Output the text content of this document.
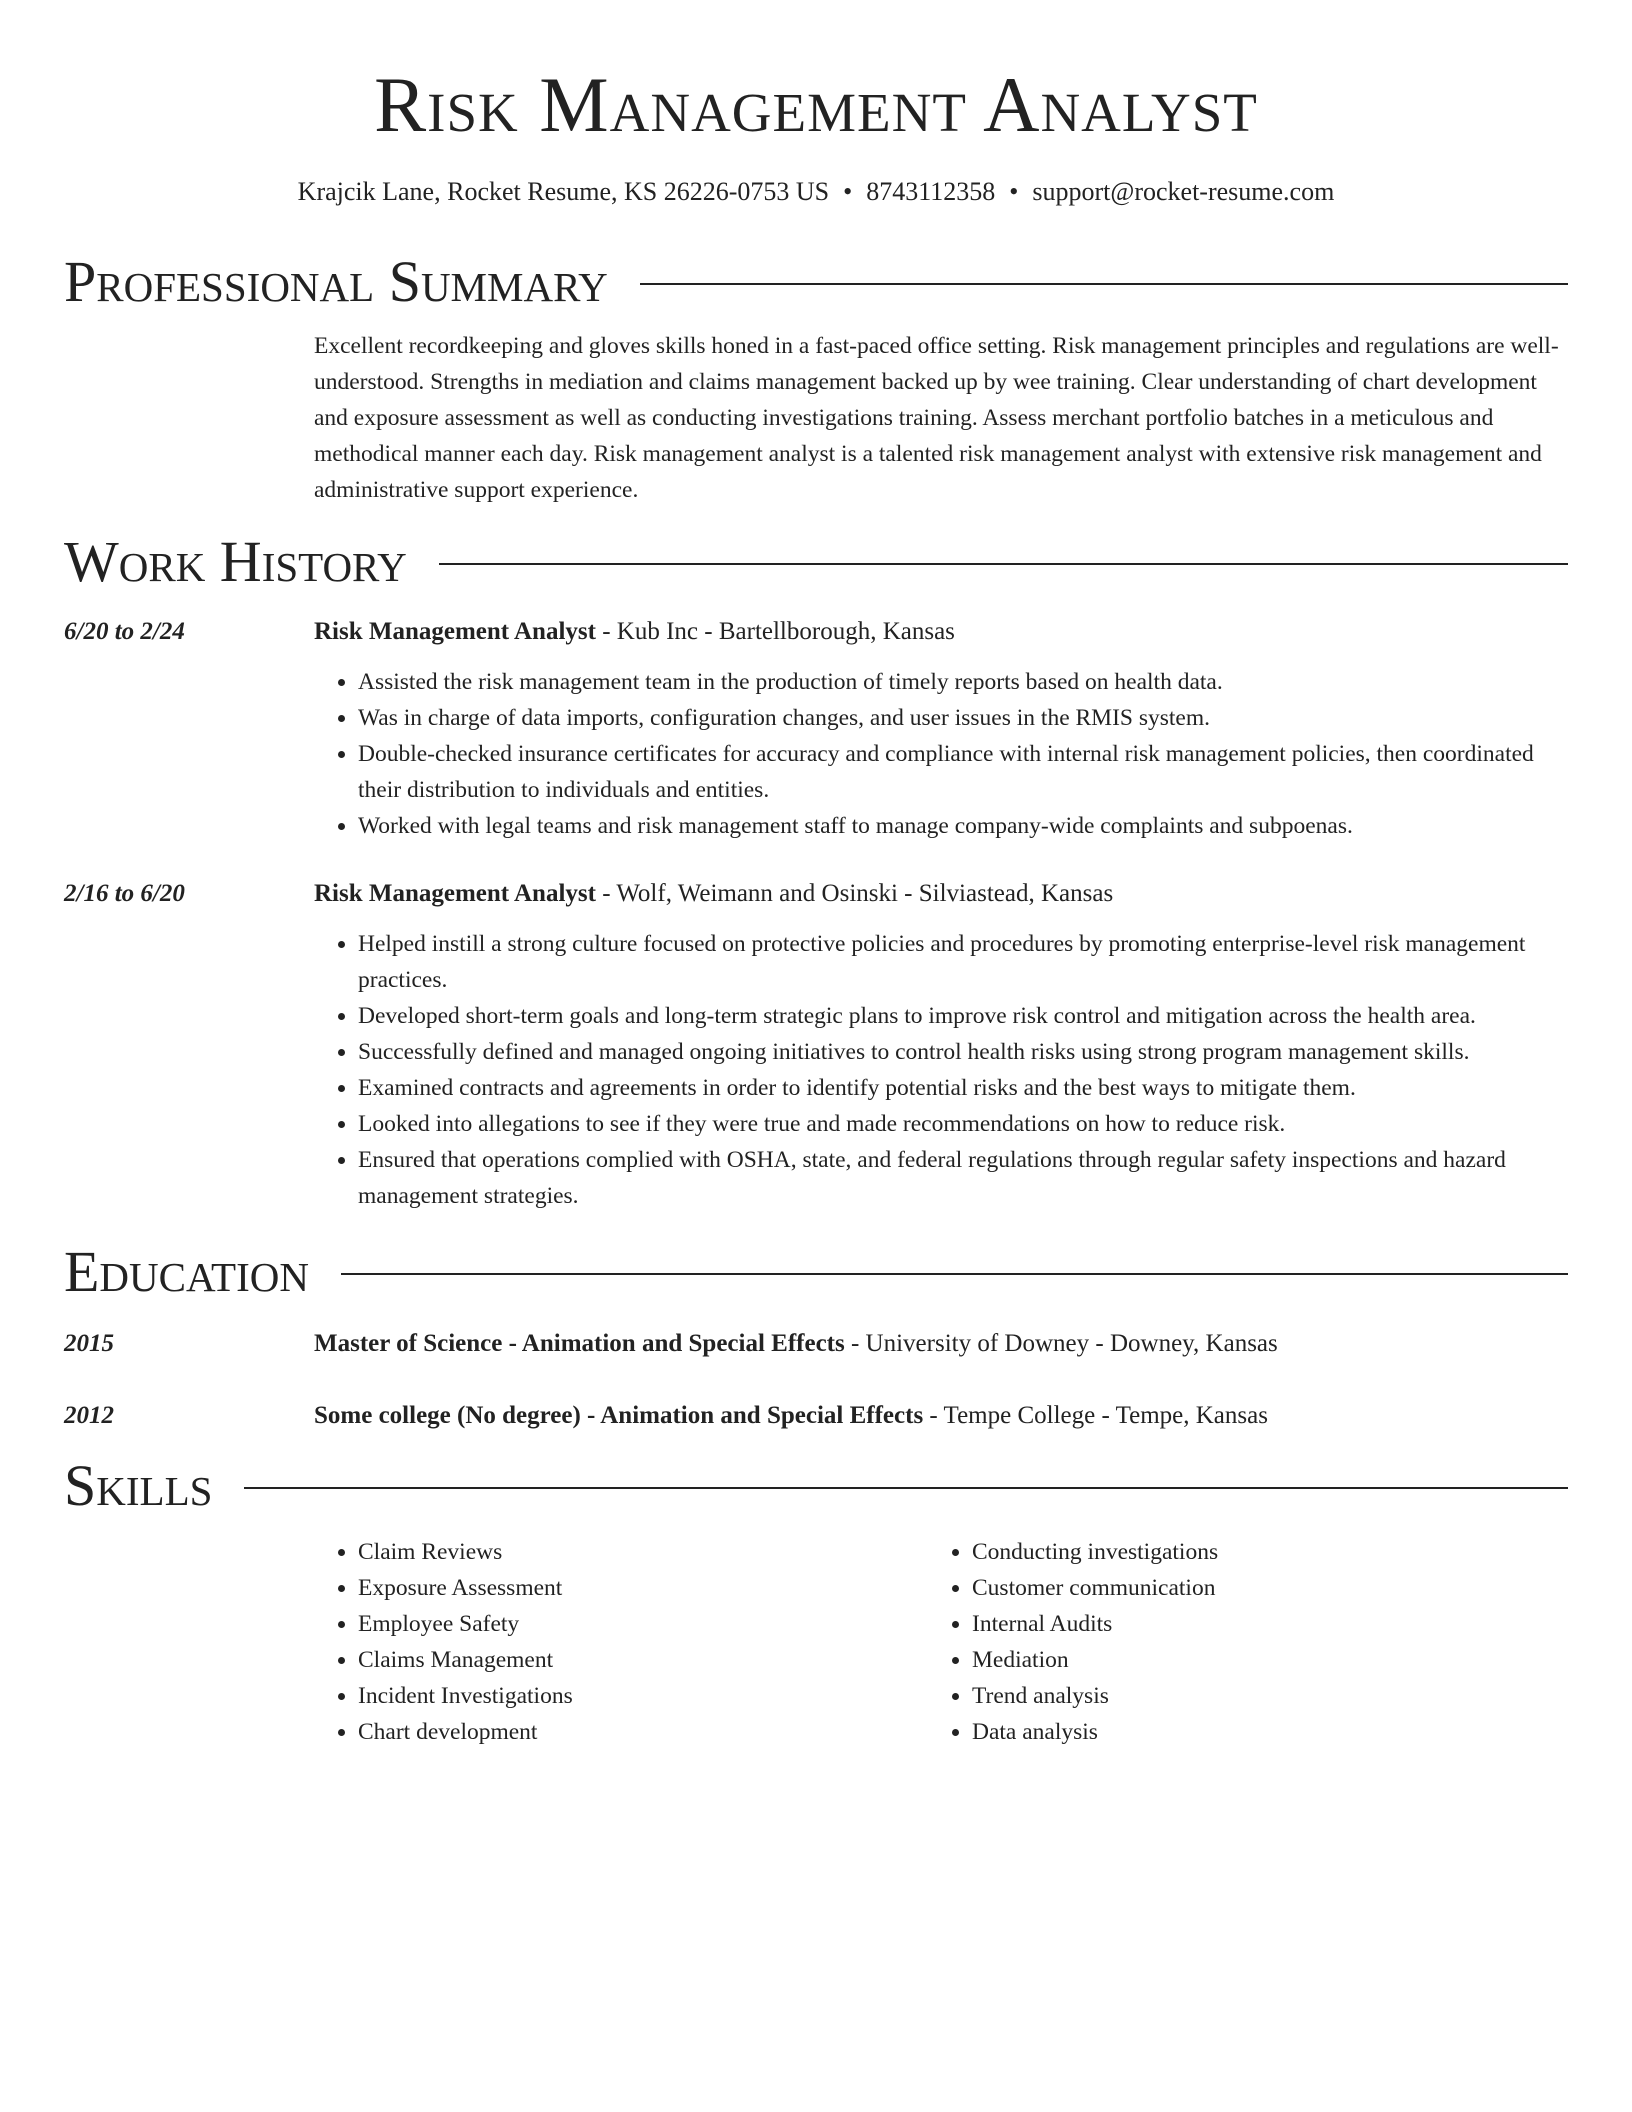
Risk Management Analyst
Krajcik Lane, Rocket Resume, KS 26226-0753 US • 8743112358 • support@rocket-resume.com
Professional Summary
Excellent recordkeeping and gloves skills honed in a fast-paced office setting. Risk management principles and regulations are well-understood. Strengths in mediation and claims management backed up by wee training. Clear understanding of chart development and exposure assessment as well as conducting investigations training. Assess merchant portfolio batches in a meticulous and methodical manner each day. Risk management analyst is a talented risk management analyst with extensive risk management and administrative support experience.
Work History
6/20 to 2/24	Risk Management Analyst - Kub Inc - Bartellborough, Kansas
• Assisted the risk management team in the production of timely reports based on health data.
• Was in charge of data imports, configuration changes, and user issues in the RMIS system.
• Double-checked insurance certificates for accuracy and compliance with internal risk management policies, then coordinated their distribution to individuals and entities.
• Worked with legal teams and risk management staff to manage company-wide complaints and subpoenas.
2/16 to 6/20	Risk Management Analyst - Wolf, Weimann and Osinski - Silviastead, Kansas
• Helped instill a strong culture focused on protective policies and procedures by promoting enterprise-level risk management practices.
• Developed short-term goals and long-term strategic plans to improve risk control and mitigation across the health area.
• Successfully defined and managed ongoing initiatives to control health risks using strong program management skills.
• Examined contracts and agreements in order to identify potential risks and the best ways to mitigate them.
• Looked into allegations to see if they were true and made recommendations on how to reduce risk.
• Ensured that operations complied with OSHA, state, and federal regulations through regular safety inspections and hazard management strategies.
Education
2015	Master of Science - Animation and Special Effects - University of Downey - Downey, Kansas
2012	Some college (No degree) - Animation and Special Effects - Tempe College - Tempe, Kansas
Skills
• Claim Reviews
• Exposure Assessment
• Employee Safety
• Claims Management
• Incident Investigations
• Chart development
• Conducting investigations
• Customer communication
• Internal Audits
• Mediation
• Trend analysis
• Data analysis
